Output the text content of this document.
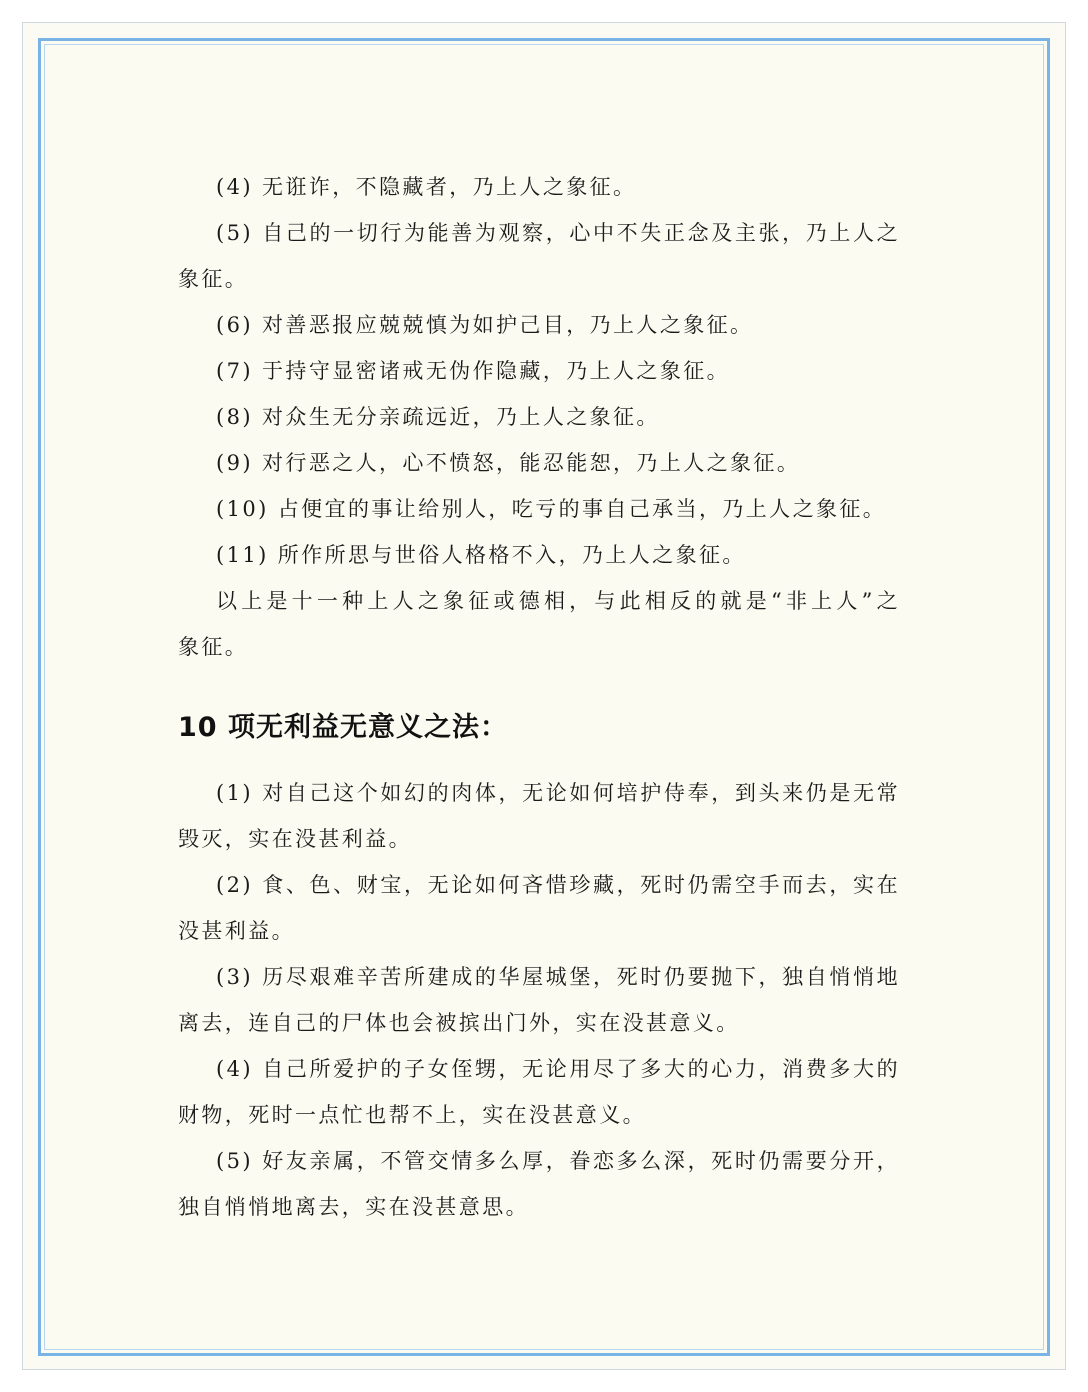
(4) 无诳诈，不隐藏者，乃上人之象征。
(5) 自己的一切行为能善为观察，心中不失正念及主张，乃上人之
象征。
(6) 对善恶报应兢兢慎为如护己目，乃上人之象征。
(7) 于持守显密诸戒无伪作隐藏，乃上人之象征。
(8) 对众生无分亲疏远近，乃上人之象征。
(9) 对行恶之人，心不愤怒，能忍能恕，乃上人之象征。
(10) 占便宜的事让给别人，吃亏的事自己承当，乃上人之象征。
(11) 所作所思与世俗人格格不入，乃上人之象征。
以上是十一种上人之象征或德相，与此相反的就是“非上人”之
象征。
10 项无利益无意义之法：
(1) 对自己这个如幻的肉体，无论如何培护侍奉，到头来仍是无常
毁灭，实在没甚利益。
(2) 食、色、财宝，无论如何吝惜珍藏，死时仍需空手而去，实在
没甚利益。
(3) 历尽艰难辛苦所建成的华屋城堡，死时仍要抛下，独自悄悄地
离去，连自己的尸体也会被摈出门外，实在没甚意义。
(4) 自己所爱护的子女侄甥，无论用尽了多大的心力，消费多大的
财物，死时一点忙也帮不上，实在没甚意义。
(5) 好友亲属，不管交情多么厚，眷恋多么深，死时仍需要分开，
独自悄悄地离去，实在没甚意思。
